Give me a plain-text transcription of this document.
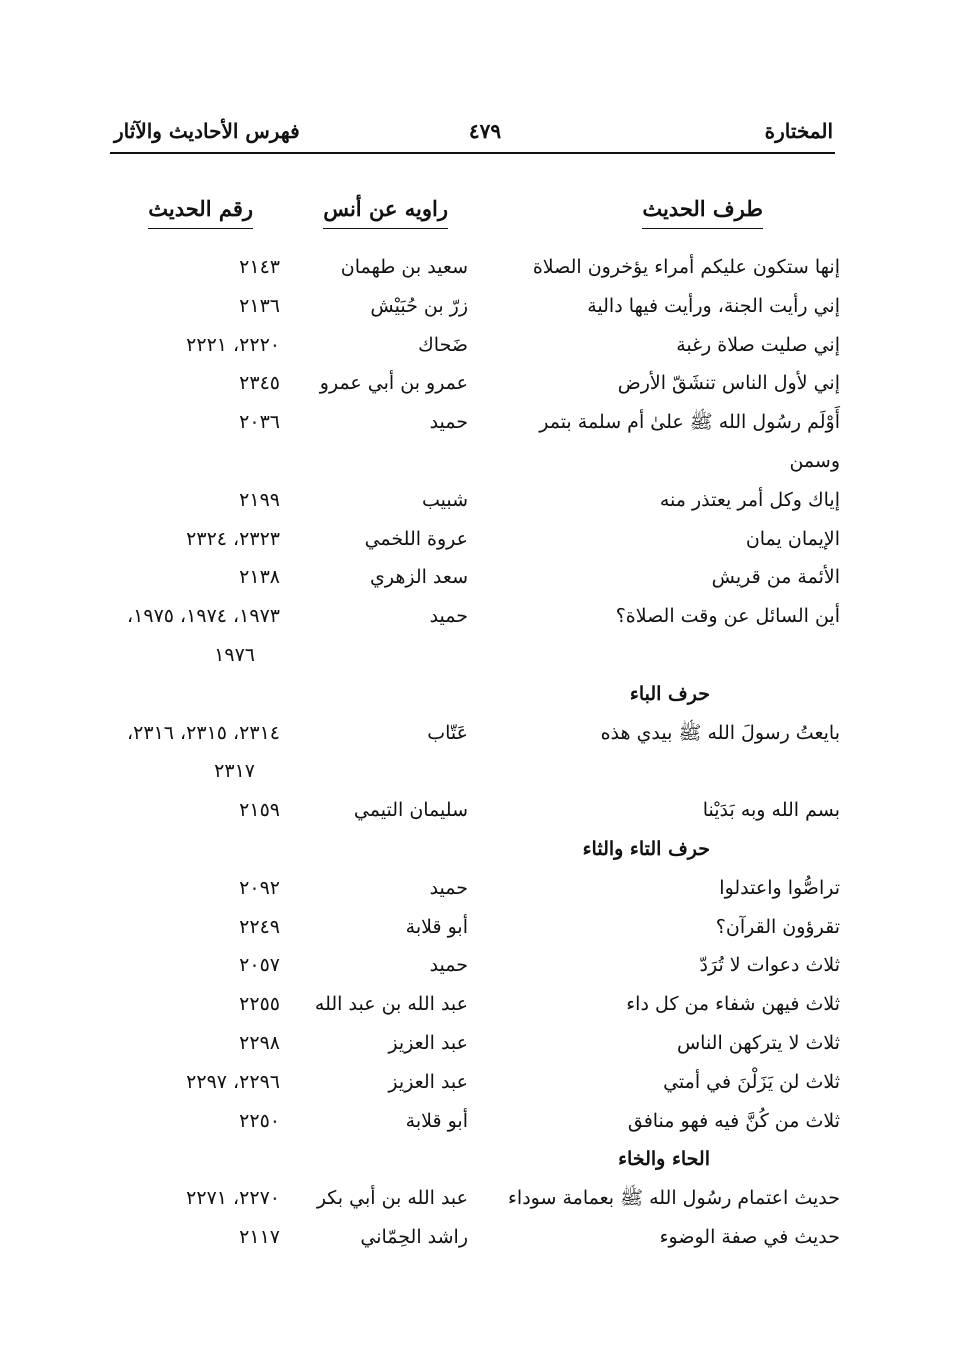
المختارة
٤٧٩
فهرس الأحاديث والآثار
طرف الحديث
راويه عن أنس
رقم الحديث
إنها ستكون عليكم أمراء يؤخرون الصلاة
سعيد بن طهمان
٢١٤٣
إني رأيت الجنة، ورأيت فيها دالية
زرّ بن حُبَيْش
٢١٣٦
إني صليت صلاة رغبة
ضَحاك
٢٢٢٠، ٢٢٢١
إني لأول الناس تنشَقّ الأرض
عمرو بن أبي عمرو
٢٣٤٥
أَوْلَم رسُول الله ﷺ علىٰ أم سلمة بتمر
حميد
٢٠٣٦
وسمن
إياك وكل أمر يعتذر منه
شبيب
٢١٩٩
الإيمان يمان
عروة اللخمي
٢٣٢٣، ٢٣٢٤
الأئمة من قريش
سعد الزهري
٢١٣٨
أين السائل عن وقت الصلاة؟
حميد
١٩٧٣، ١٩٧٤، ١٩٧٥،
١٩٧٦
حرف الباء
بايعتُ رسولَ الله ﷺ بيدي هذه
عَتّاب
٢٣١٤، ٢٣١٥، ٢٣١٦،
٢٣١٧
بسم الله وبه بَدَيْنا
سليمان التيمي
٢١٥٩
حرف التاء والثاء
تراصُّوا واعتدلوا
حميد
٢٠٩٢
تقرؤون القرآن؟
أبو قلابة
٢٢٤٩
ثلاث دعوات لا تُرَدّ
حميد
٢٠٥٧
ثلاث فيهن شفاء من كل داء
عبد الله بن عبد الله
٢٢٥٥
ثلاث لا يتركهن الناس
عبد العزيز
٢٢٩٨
ثلاث لن يَزَلْنَ في أمتي
عبد العزيز
٢٢٩٦، ٢٢٩٧
ثلاث من كُنَّ فيه فهو منافق
أبو قلابة
٢٢٥٠
الحاء والخاء
حديث اعتمام رسُول الله ﷺ بعمامة سوداء
عبد الله بن أبي بكر
٢٢٧٠، ٢٢٧١
حديث في صفة الوضوء
راشد الحِمّاني
٢١١٧
